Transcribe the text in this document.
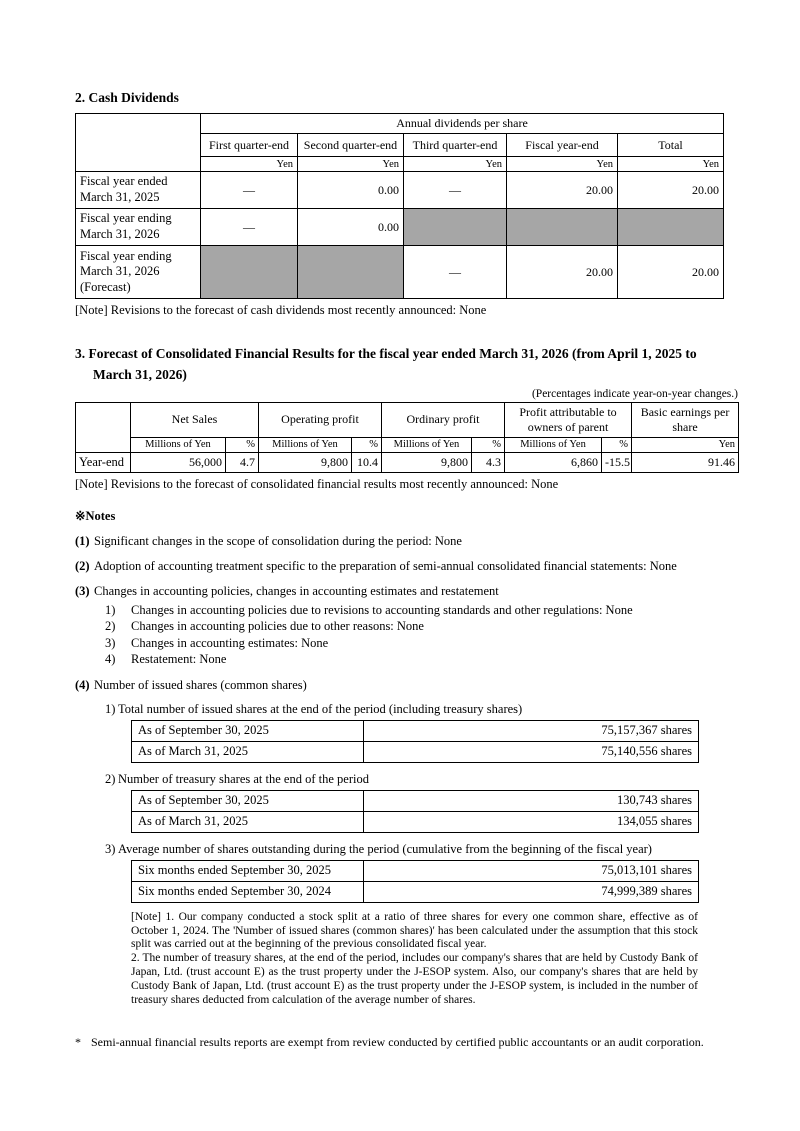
2. Cash Dividends
	Annual dividends per share				
	First quarter-end	Second quarter-end	Third quarter-end	Fiscal year-end	Total
	Yen	Yen	Yen	Yen	Yen
Fiscal year ended March 31, 2025	—	0.00	—	20.00	20.00
Fiscal year ending March 31, 2026	—	0.00			
Fiscal year ending March 31, 2026 (Forecast)			—	20.00	20.00

[Note] Revisions to the forecast of cash dividends most recently announced: None

3. Forecast of Consolidated Financial Results for the fiscal year ended March 31, 2026 (from April 1, 2025 to March 31, 2026)

(Percentages indicate year-on-year changes.)

	Net Sales		Operating profit		Ordinary profit		Profit attributable to owners of parent		Basic earnings per share
	Millions of Yen	%	Millions of Yen	%	Millions of Yen	%	Millions of Yen	%	Yen
Year-end	56,000	4.7	9,800	10.4	9,800	4.3	6,860	-15.5	91.46

[Note] Revisions to the forecast of consolidated financial results most recently announced: None

※Notes

(1) Significant changes in the scope of consolidation during the period: None
(2) Adoption of accounting treatment specific to the preparation of semi-annual consolidated financial statements: None
(3) Changes in accounting policies, changes in accounting estimates and restatement
1)	Changes in accounting policies due to revisions to accounting standards and other regulations: None
2)	Changes in accounting policies due to other reasons: None
3)	Changes in accounting estimates: None
4)	Restatement: None
(4) Number of issued shares (common shares)
1) Total number of issued shares at the end of the period (including treasury shares)
As of September 30, 2025	75,157,367 shares
As of March 31, 2025	75,140,556 shares
2) Number of treasury shares at the end of the period
As of September 30, 2025	130,743 shares
As of March 31, 2025	134,055 shares
3) Average number of shares outstanding during the period (cumulative from the beginning of the fiscal year)
Six months ended September 30, 2025	75,013,101 shares
Six months ended September 30, 2024	74,999,389 shares

[Note] 1. Our company conducted a stock split at a ratio of three shares for every one common share, effective as of October 1, 2024. The 'Number of issued shares (common shares)' has been calculated under the assumption that this stock split was carried out at the beginning of the previous consolidated fiscal year.

2. The number of treasury shares, at the end of the period, includes our company's shares that are held by Custody Bank of Japan, Ltd. (trust account E) as the trust property under the J-ESOP system. Also, our company's shares that are held by Custody Bank of Japan, Ltd. (trust account E) as the trust property under the J-ESOP system, is included in the number of treasury shares deducted from calculation of the average number of shares.

* Semi-annual financial results reports are exempt from review conducted by certified public accountants or an audit corporation.
